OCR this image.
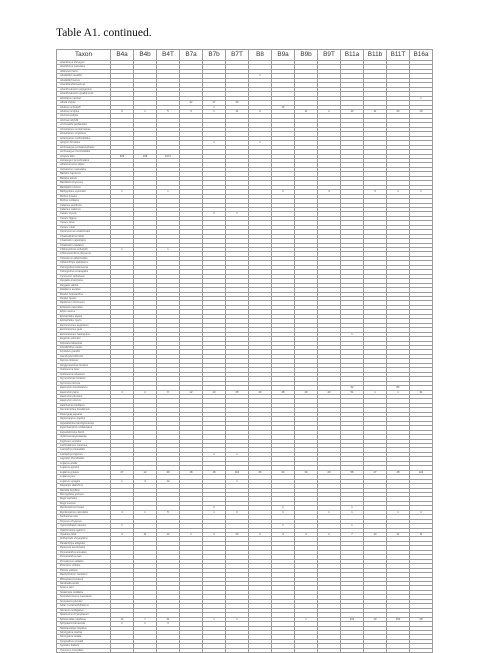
Table A1. continued.
Taxon	B4a	B4b	B4T	B7a	B7b	B7T	B8	B9a	B9b	B9T	B11a	B11b	B11T	B16a
Acanthurus chirurgus														
Acanthurus coeruleus														
Ablennes hians														
Abudefduf saxatilis							1							
Abudefduf taurus														
Acanthemblemaria sp.														
Acanthostracion polygonius														
Acanthostracion quadricornis														
Aetobatus narinari														1
Albula vulpes				32	17	49								
Aluterus schoepfii					1			16						
Aluterus scriptus	4	1	5	3	1	11	3		11	2	13	11	24	10
Anchoa lyolepis														
Anchoa mitchilli														
Anchoviella perfasciata														
Anisotremus surinamensis														
Anisotremus virginicus														
Antennarius multiocellatus														
Apogon binotatus					1		1							
Archosargus probatocephalus														
Archosargus rhomboidalis														
Ariopsis felis	623	338	1071											
Astrapogon puncticulatus														
Atherinomorus stipes														
Aulostomus maculatus														
Balistes capriscus														
Balistes vetula														
Bairdiella chrysoura														
Bairdiella ronchus														
Bathygobius soporator	1		1					2		3		3	1	1
Bothus lunatus														
Bothus ocellatus														
Calamus arctifrons														
Calamus calamus														
Caranx crysos					2	1								
Caranx hippos														
Caranx latus														
Caranx ruber														
Centropomus undecimalis														
Chaetodipterus faber														
Chaetodon capistratus														
Chaetodon ocellatus														
Chilomycterus schoepfii	1		1											
Chloroscombrus chrysurus														
Chriodorus atherinoides														
Citharichthys spilopterus														
Ctenogobius boleosoma														
Ctenogobius smaragdus														
Cynoscion nebulosus														
Dasyatis americana														
Dasyatis sabina														
Diapterus auratus														
Diodon holocanthus														
Diodon hystrix														
Diplectrum formosum														
Echeneis naucrates														
Elops saurus														
Epinephelus itajara														
Epinephelus morio														
Eucinostomus argenteus														
Eucinostomus gula														
Eucinostomus harengulus											1			
Eugerres plumieri														
Fistularia tabacaria														
Floridichthys carpio														
Fundulus grandis														
Gambusia holbrooki														
Gerres cinereus														
Ginglymostoma cirratum														
Gobiosoma bosc														
Gobiosoma robustum														
Gymnothorax funebris														
Gymnura micrura														
Haemulon aurolineatum											32		84	
Haemulon parra	4	4	8	12	13	25	20	28	43	43	51	1	1	31
Haemulon plumierii														
Haemulon sciurus														
Halichoeres bivittatus														
Hemiramphus brasiliensis														
Harengula jaguana														
Hippocampus erectus														
Hypoatherina harringtonensis														
Hyporhamphus unifasciatus														
Hypsoblennius hentz														
Jenkinsia lamprotaenia														
Kyphosus sectator														
Lachnolaimus maximus														
Lactophrys bicaudalis														
Lactophrys trigonus					1	1								
Lagodon rhomboides														
Lutjanus analis														
Lutjanus apodus														
Lutjanus griseus	27	12	39	18	18	116	26	34	34	20	58	27	28	124
Lutjanus jocu														
Lutjanus synagris	1	3	12			1								
Megalops atlanticus														
Menidia beryllina														
Microgobius gulosus														
Mugil cephalus														
Mugil curema														
Mycteroperca bonaci					2			1			1			
Mycteroperca microlepis	4	1	5		1	3		1		1	1		1	4
Nicholsina usta														
Ocyurus chrysurus														
Ogcocephalus nasutus	1							1			1			
Opisthonema oglinum														
Opsanus beta	4	11	12	1	3	23	5	4	4	2	7	13	11	11
Orthopristis chrysoptera														
Paralichthys albigutta														
Pareques acuminatus														
Pomacanthus arcuatus														
Pomacanthus paru														
Pomatomus saltatrix														
Prionotus scitulus														
Pterois volitans														
Rachycentron canadum														
Rhinoptera bonasus														
Sardinella aurita														
Scarus iseri														
Sciaenops ocellatus														
Scomberomorus maculatus														
Scorpaena plumieri														
Selar crumenophthalmus														
Serranus subligarius														
Sparisoma chrysopterum														
Sphoeroides nephelus	14	7	21		1	1			1		131	19	150	28
Sphyraena barracuda	2	1	3											
Stephanolepis hispidus														
Strongylura marina														
Strongylura notata														
Syngnathus scovelli														
Synodus foetens														
Tylosurus crocodilus														
